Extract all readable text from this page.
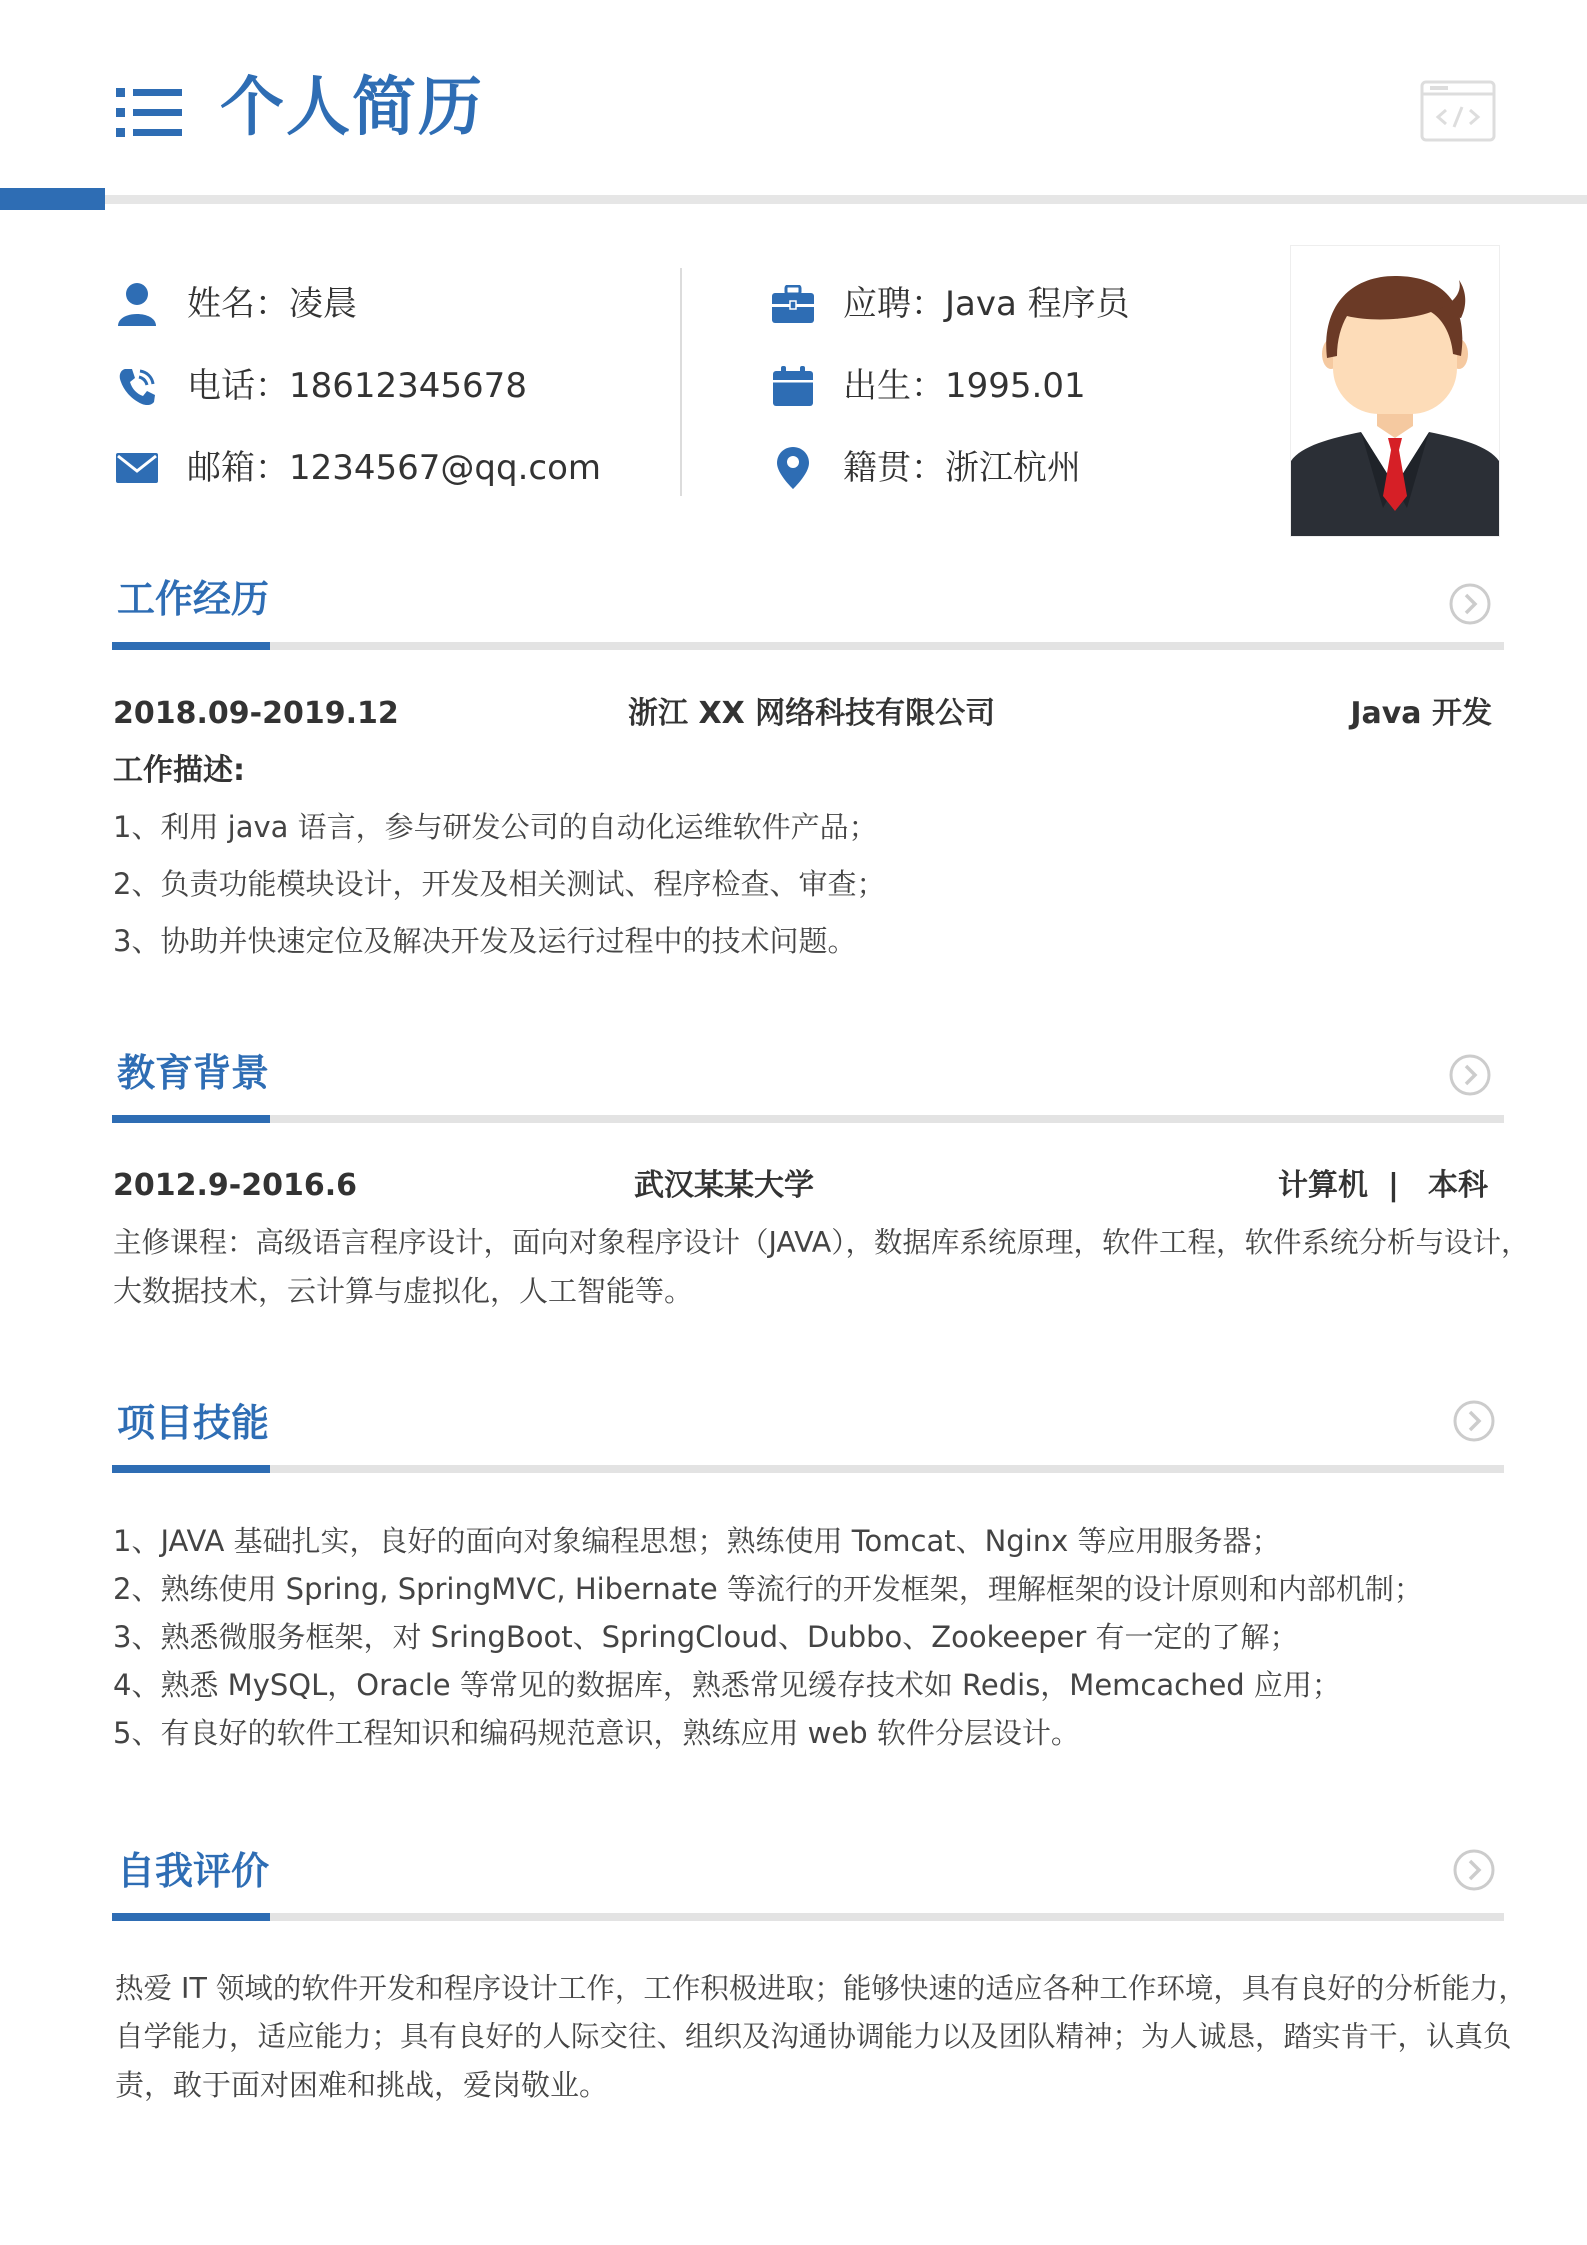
个人简历
姓名：凌晨
电话：18612345678
邮箱：1234567@qq.com
应聘：Java 程序员
出生：1995.01
籍贯：浙江杭州
工作经历
2018.09-2019.12	浙江 XX 网络科技有限公司	Java 开发
工作描述:
1、利用 java 语言，参与研发公司的自动化运维软件产品；
2、负责功能模块设计，开发及相关测试、程序检查、审查；
3、协助并快速定位及解决开发及运行过程中的技术问题。
教育背景
2012.9-2016.6	武汉某某大学	计算机 | 本科
主修课程：高级语言程序设计，面向对象程序设计（JAVA），数据库系统原理，软件工程，软件系统分析与设计，
大数据技术，云计算与虚拟化，人工智能等。
项目技能
1、JAVA 基础扎实，良好的面向对象编程思想；熟练使用 Tomcat、Nginx 等应用服务器；
2、熟练使用 Spring, SpringMVC, Hibernate 等流行的开发框架，理解框架的设计原则和内部机制；
3、熟悉微服务框架，对 SringBoot、SpringCloud、Dubbo、Zookeeper 有一定的了解；
4、熟悉 MySQL，Oracle 等常见的数据库，熟悉常见缓存技术如 Redis，Memcached 应用；
5、有良好的软件工程知识和编码规范意识，熟练应用 web 软件分层设计。
自我评价
热爱 IT 领域的软件开发和程序设计工作，工作积极进取；能够快速的适应各种工作环境，具有良好的分析能力，
自学能力，适应能力；具有良好的人际交往、组织及沟通协调能力以及团队精神；为人诚恳，踏实肯干，认真负
责，敢于面对困难和挑战，爱岗敬业。
